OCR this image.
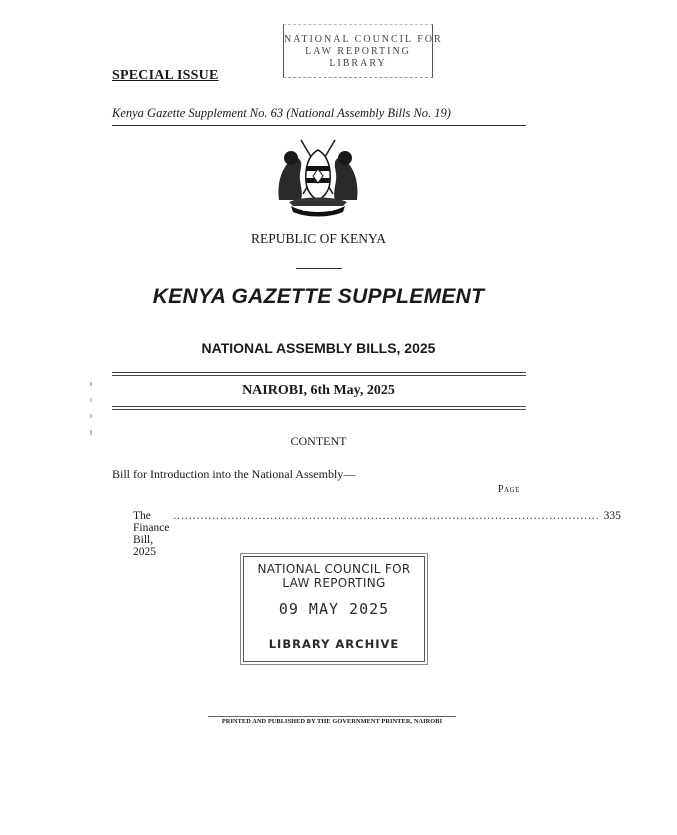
NATIONAL COUNCIL FOR
LAW REPORTING
LIBRARY
SPECIAL ISSUE
Kenya Gazette Supplement No. 63 (National Assembly Bills No. 19)
REPUBLIC OF KENYA
KENYA GAZETTE SUPPLEMENT
NATIONAL ASSEMBLY BILLS, 2025
NAIROBI, 6th May, 2025
CONTENT
Bill for Introduction into the National Assembly—
Page
The Finance Bill, 2025
.............................................................................................................. 335
NATIONAL COUNCIL FOR
LAW REPORTING
09 MAY 2025
LIBRARY ARCHIVE
PRINTED AND PUBLISHED BY THE GOVERNMENT PRINTER, NAIROBI
